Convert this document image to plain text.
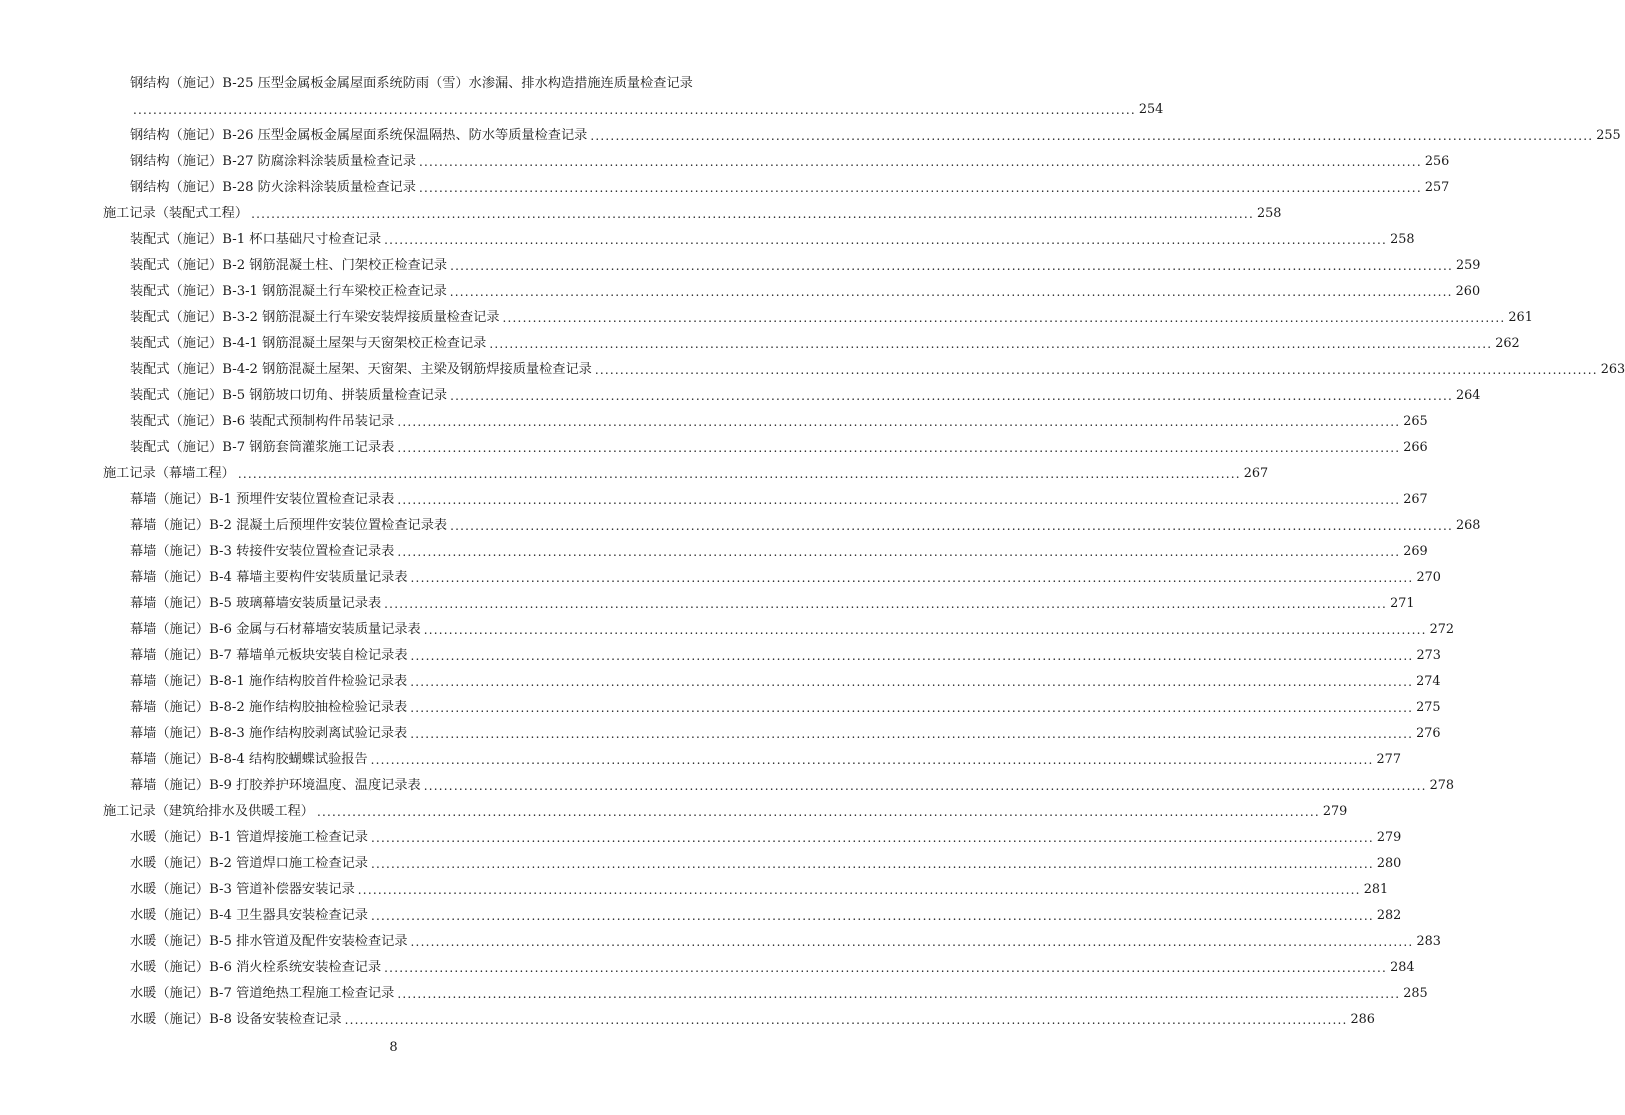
钢结构（施记）B-25 压型金属板金属屋面系统防雨（雪）水渗漏、排水构造措施连质量检查记录
........................................................................................................................................................................................................ 254
钢结构（施记）B-26 压型金属板金属屋面系统保温隔热、防水等质量检查记录 ........................................................................................................................................................................................................ 255
钢结构（施记）B-27 防腐涂料涂装质量检查记录 ........................................................................................................................................................................................................ 256
钢结构（施记）B-28 防火涂料涂装质量检查记录 ........................................................................................................................................................................................................ 257
施工记录（装配式工程） ........................................................................................................................................................................................................ 258
装配式（施记）B-1 杯口基础尺寸检查记录 ........................................................................................................................................................................................................ 258
装配式（施记）B-2 钢筋混凝土柱、门架校正检查记录 ........................................................................................................................................................................................................ 259
装配式（施记）B-3-1 钢筋混凝土行车梁校正检查记录 ........................................................................................................................................................................................................ 260
装配式（施记）B-3-2 钢筋混凝土行车梁安装焊接质量检查记录 ........................................................................................................................................................................................................ 261
装配式（施记）B-4-1 钢筋混凝土屋架与天窗架校正检查记录 ........................................................................................................................................................................................................ 262
装配式（施记）B-4-2 钢筋混凝土屋架、天窗架、主梁及钢筋焊接质量检查记录 ........................................................................................................................................................................................................ 263
装配式（施记）B-5 钢筋坡口切角、拼装质量检查记录 ........................................................................................................................................................................................................ 264
装配式（施记）B-6 装配式预制构件吊装记录 ........................................................................................................................................................................................................ 265
装配式（施记）B-7 钢筋套筒灌浆施工记录表 ........................................................................................................................................................................................................ 266
施工记录（幕墙工程） ........................................................................................................................................................................................................ 267
幕墙（施记）B-1 预埋件安装位置检查记录表 ........................................................................................................................................................................................................ 267
幕墙（施记）B-2 混凝土后预埋件安装位置检查记录表 ........................................................................................................................................................................................................ 268
幕墙（施记）B-3 转接件安装位置检查记录表 ........................................................................................................................................................................................................ 269
幕墙（施记）B-4 幕墙主要构件安装质量记录表 ........................................................................................................................................................................................................ 270
幕墙（施记）B-5 玻璃幕墙安装质量记录表 ........................................................................................................................................................................................................ 271
幕墙（施记）B-6 金属与石材幕墙安装质量记录表 ........................................................................................................................................................................................................ 272
幕墙（施记）B-7 幕墙单元板块安装自检记录表 ........................................................................................................................................................................................................ 273
幕墙（施记）B-8-1 施作结构胶首件检验记录表 ........................................................................................................................................................................................................ 274
幕墙（施记）B-8-2 施作结构胶抽检检验记录表 ........................................................................................................................................................................................................ 275
幕墙（施记）B-8-3 施作结构胶剥离试验记录表 ........................................................................................................................................................................................................ 276
幕墙（施记）B-8-4 结构胶蝴蝶试验报告 ........................................................................................................................................................................................................ 277
幕墙（施记）B-9 打胶养护环境温度、温度记录表 ........................................................................................................................................................................................................ 278
施工记录（建筑给排水及供暖工程） ........................................................................................................................................................................................................ 279
水暖（施记）B-1 管道焊接施工检查记录 ........................................................................................................................................................................................................ 279
水暖（施记）B-2 管道焊口施工检查记录 ........................................................................................................................................................................................................ 280
水暖（施记）B-3 管道补偿器安装记录 ........................................................................................................................................................................................................ 281
水暖（施记）B-4 卫生器具安装检查记录 ........................................................................................................................................................................................................ 282
水暖（施记）B-5 排水管道及配件安装检查记录 ........................................................................................................................................................................................................ 283
水暖（施记）B-6 消火栓系统安装检查记录 ........................................................................................................................................................................................................ 284
水暖（施记）B-7 管道绝热工程施工检查记录 ........................................................................................................................................................................................................ 285
水暖（施记）B-8 设备安装检查记录 ........................................................................................................................................................................................................ 286
8
